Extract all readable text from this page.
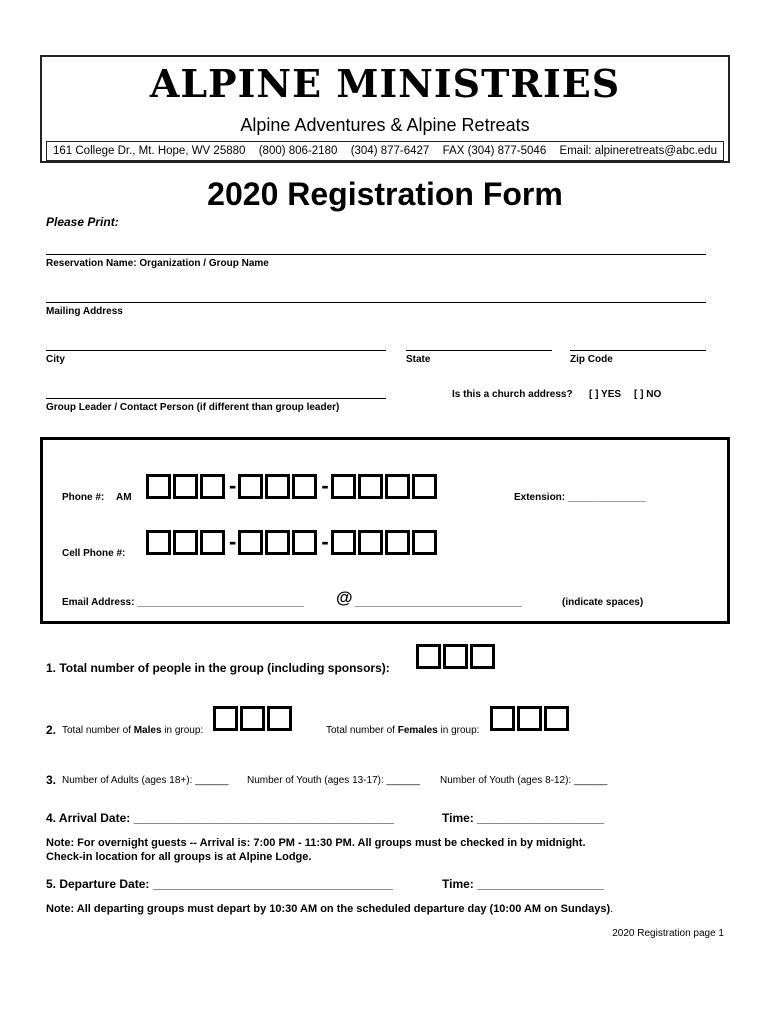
ALPINE MINISTRIES
Alpine Adventures & Alpine Retreats
161 College Dr., Mt. Hope, WV 25880 (800) 806-2180 (304) 877-6427 FAX (304) 877-5046 Email: alpineretreats@abc.edu
2020 Registration Form
Please Print:
Reservation Name: Organization / Group Name
Mailing Address
City	State	Zip Code
Group Leader / Contact Person (if different than group leader)
Is this a church address? [ ] YES [ ] NO
Phone #: AM	-	-	Extension: ______________
Cell Phone #:	-	-
Email Address: ______________________________ @ ______________________________	(indicate spaces)
1. Total number of people in the group (including sponsors):
2. Total number of Males in group:	Total number of Females in group:
3. Number of Adults (ages 18+): ______ Number of Youth (ages 13-17): ______ Number of Youth (ages 8-12): ______
4. Arrival Date: _______________________________________	Time: ___________________
Note: For overnight guests -- Arrival is: 7:00 PM - 11:30 PM. All groups must be checked in by midnight.
Check-in location for all groups is at Alpine Lodge.
5. Departure Date: ____________________________________	Time: ___________________
Note: All departing groups must depart by 10:30 AM on the scheduled departure day (10:00 AM on Sundays).
2020 Registration page 1
